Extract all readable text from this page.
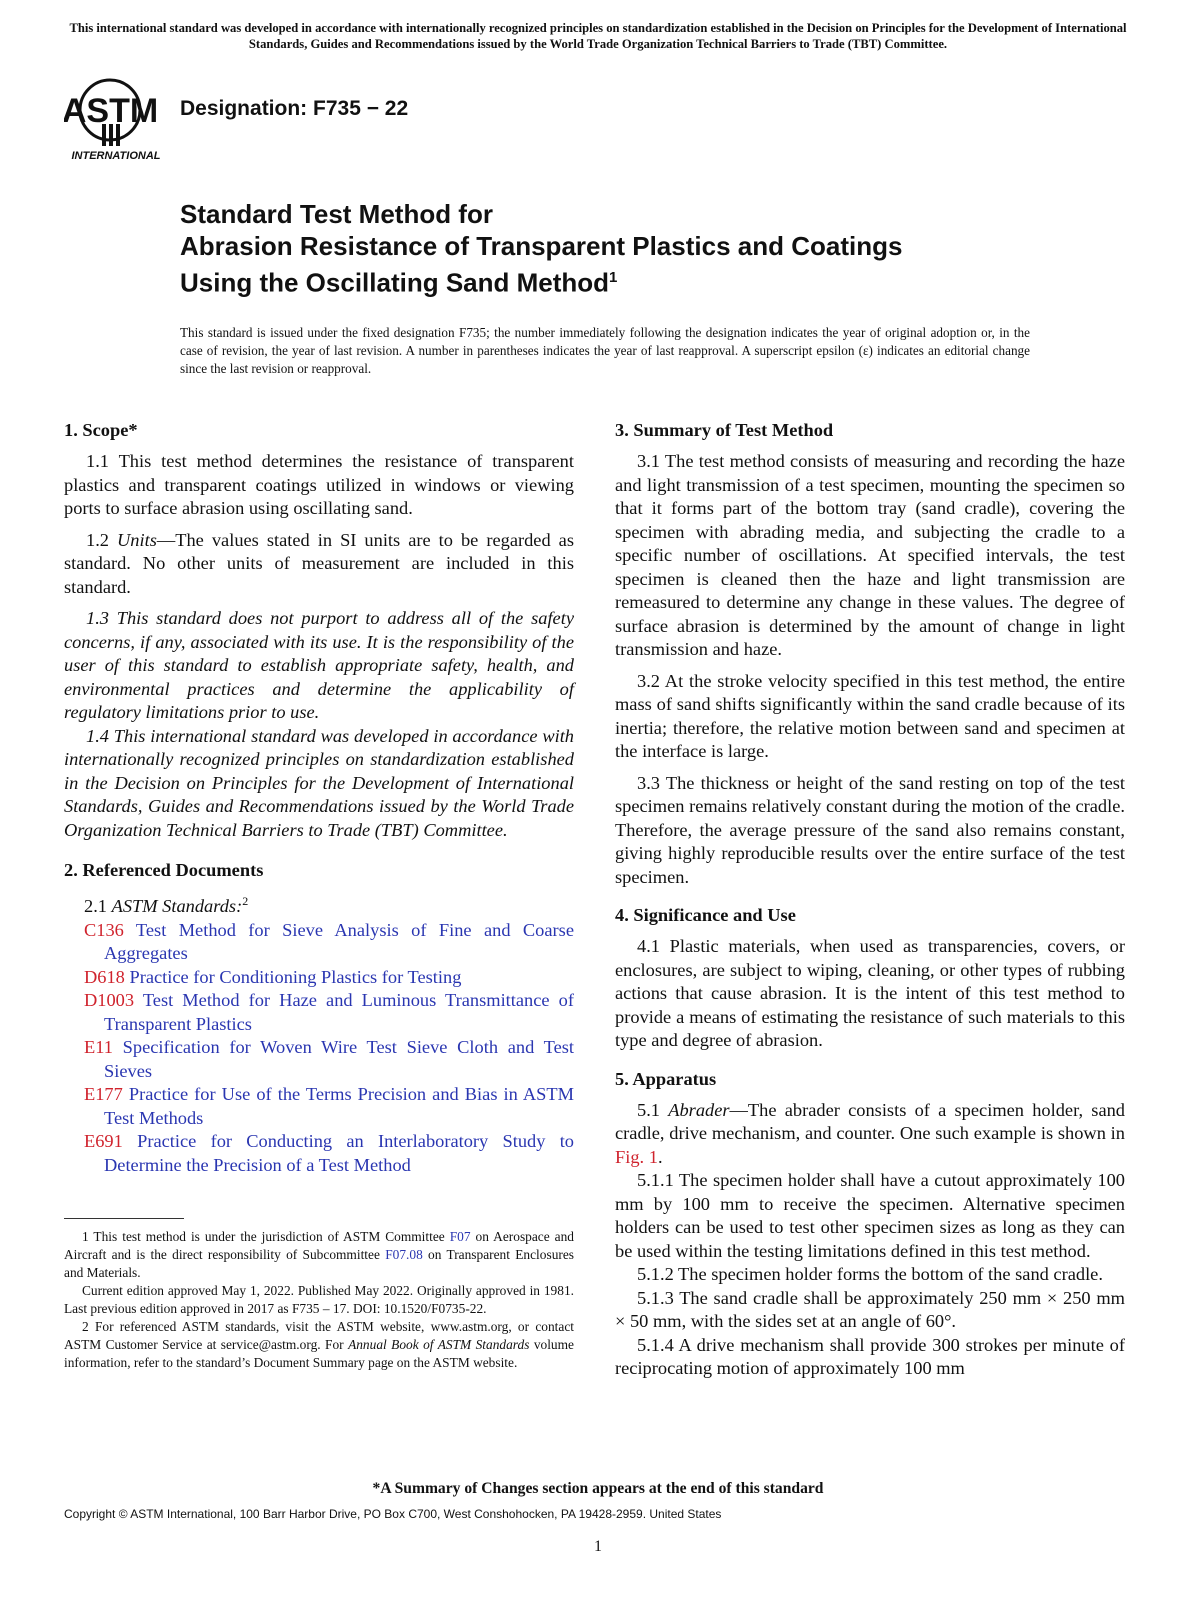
This international standard was developed in accordance with internationally recognized principles on standardization established in the Decision on Principles for the Development of International Standards, Guides and Recommendations issued by the World Trade Organization Technical Barriers to Trade (TBT) Committee.
ASTM
INTERNATIONAL
Designation: F735 − 22
Standard Test Method for
Abrasion Resistance of Transparent Plastics and Coatings
Using the Oscillating Sand Method$^1$
This standard is issued under the fixed designation F735; the number immediately following the designation indicates the year of original adoption or, in the case of revision, the year of last revision. A number in parentheses indicates the year of last reapproval. A superscript epsilon (ε) indicates an editorial change since the last revision or reapproval.
1. Scope*

1.1 This test method determines the resistance of transparent plastics and transparent coatings utilized in windows or viewing ports to surface abrasion using oscillating sand.

1.2 Units—The values stated in SI units are to be regarded as standard. No other units of measurement are included in this standard.

1.3 This standard does not purport to address all of the safety concerns, if any, associated with its use. It is the responsibility of the user of this standard to establish appropriate safety, health, and environmental practices and determine the applicability of regulatory limitations prior to use.

1.4 This international standard was developed in accordance with internationally recognized principles on standardization established in the Decision on Principles for the Development of International Standards, Guides and Recommendations issued by the World Trade Organization Technical Barriers to Trade (TBT) Committee.

2. Referenced Documents
2.1 ASTM Standards:$^2$
C136 Test Method for Sieve Analysis of Fine and Coarse Aggregates
D618 Practice for Conditioning Plastics for Testing
D1003 Test Method for Haze and Luminous Transmittance of Transparent Plastics
E11 Specification for Woven Wire Test Sieve Cloth and Test Sieves
E177 Practice for Use of the Terms Precision and Bias in ASTM Test Methods
E691 Practice for Conducting an Interlaboratory Study to Determine the Precision of a Test Method

1 This test method is under the jurisdiction of ASTM Committee F07 on Aerospace and Aircraft and is the direct responsibility of Subcommittee F07.08 on Transparent Enclosures and Materials.

Current edition approved May 1, 2022. Published May 2022. Originally approved in 1981. Last previous edition approved in 2017 as F735 – 17. DOI: 10.1520/F0735-22.

2 For referenced ASTM standards, visit the ASTM website, www.astm.org, or contact ASTM Customer Service at service@astm.org. For Annual Book of ASTM Standards volume information, refer to the standard’s Document Summary page on the ASTM website.

3. Summary of Test Method

3.1 The test method consists of measuring and recording the haze and light transmission of a test specimen, mounting the specimen so that it forms part of the bottom tray (sand cradle), covering the specimen with abrading media, and subjecting the cradle to a specific number of oscillations. At specified intervals, the test specimen is cleaned then the haze and light transmission are remeasured to determine any change in these values. The degree of surface abrasion is determined by the amount of change in light transmission and haze.

3.2 At the stroke velocity specified in this test method, the entire mass of sand shifts significantly within the sand cradle because of its inertia; therefore, the relative motion between sand and specimen at the interface is large.

3.3 The thickness or height of the sand resting on top of the test specimen remains relatively constant during the motion of the cradle. Therefore, the average pressure of the sand also remains constant, giving highly reproducible results over the entire surface of the test specimen.

4. Significance and Use

4.1 Plastic materials, when used as transparencies, covers, or enclosures, are subject to wiping, cleaning, or other types of rubbing actions that cause abrasion. It is the intent of this test method to provide a means of estimating the resistance of such materials to this type and degree of abrasion.

5. Apparatus

5.1 Abrader—The abrader consists of a specimen holder, sand cradle, drive mechanism, and counter. One such example is shown in Fig. 1.

5.1.1 The specimen holder shall have a cutout approximately 100 mm by 100 mm to receive the specimen. Alternative specimen holders can be used to test other specimen sizes as long as they can be used within the testing limitations defined in this test method.

5.1.2 The specimen holder forms the bottom of the sand cradle.

5.1.3 The sand cradle shall be approximately 250 mm × 250 mm × 50 mm, with the sides set at an angle of 60°.

5.1.4 A drive mechanism shall provide 300 strokes per minute of reciprocating motion of approximately 100 mm

*A Summary of Changes section appears at the end of this standard
Copyright © ASTM International, 100 Barr Harbor Drive, PO Box C700, West Conshohocken, PA 19428-2959. United States
1
